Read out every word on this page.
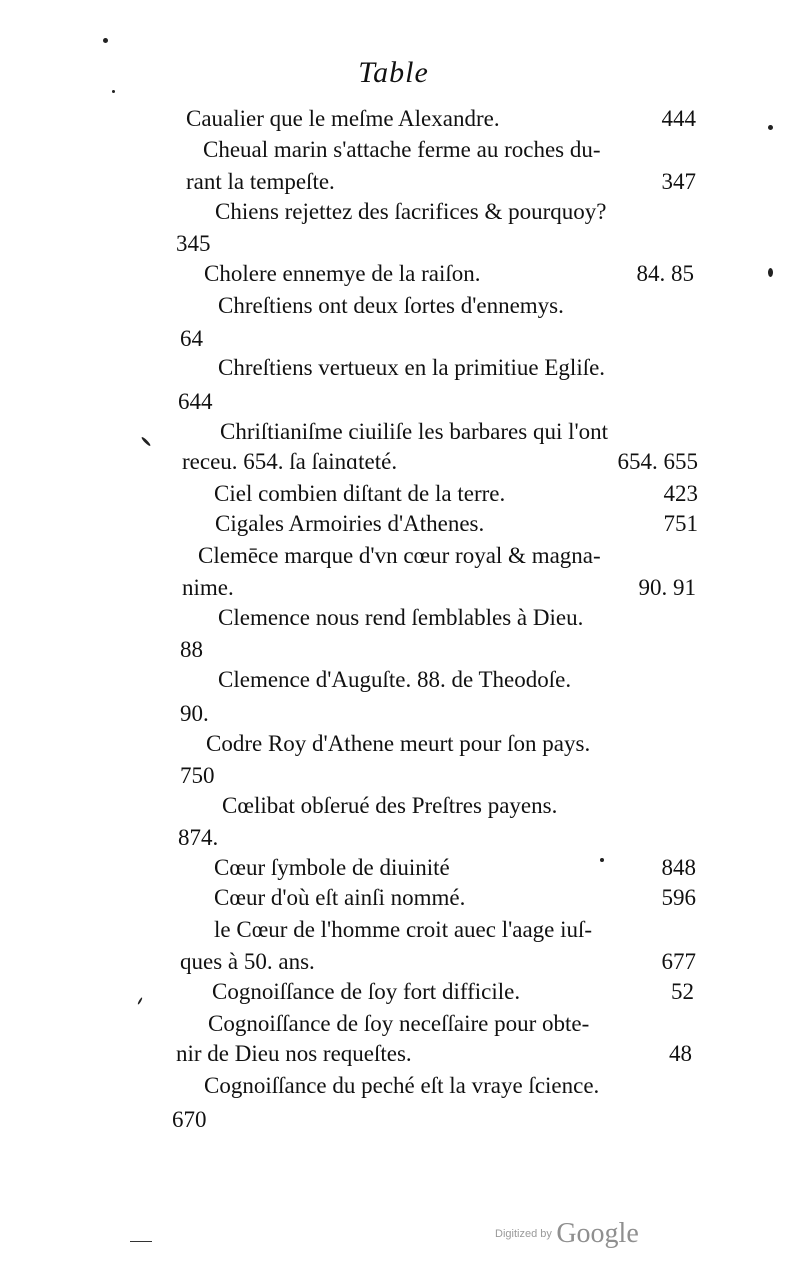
Table
Caualier que le meſme Alexandre.	444
Cheual marin s'attache ferme au roches du-
rant la tempeſte.	347
Chiens rejettez des ſacrifices & pourquoy?
345
Cholere ennemye de la raiſon.	84. 85
Chreſtiens ont deux ſortes d'ennemys.
64
Chreſtiens vertueux en la primitiue Egliſe.
644
Chriſtianiſme ciuiliſe les barbares qui l'ont
receu. 654. ſa ſainɑteté.	654. 655
Ciel combien diſtant de la terre.	423
Cigales Armoiries d'Athenes.	751
Clemēce marque d'vn cœur royal & magna-
nime.	90. 91
Clemence nous rend ſemblables à Dieu.
88
Clemence d'Auguſte. 88. de Theodoſe.
90.
Codre Roy d'Athene meurt pour ſon pays.
750
Cœlibat obſerué des Preſtres payens.
874.
Cœur ſymbole de diuinité	848
Cœur d'où eſt ainſi nommé.	596
le Cœur de l'homme croit auec l'aage iuſ-
ques à 50. ans.	677
Cognoiſſance de ſoy fort difficile.	52
Cognoiſſance de ſoy neceſſaire pour obte-
nir de Dieu nos requeſtes.	48
Cognoiſſance du peché eſt la vraye ſcience.
670
Digitized by Google
